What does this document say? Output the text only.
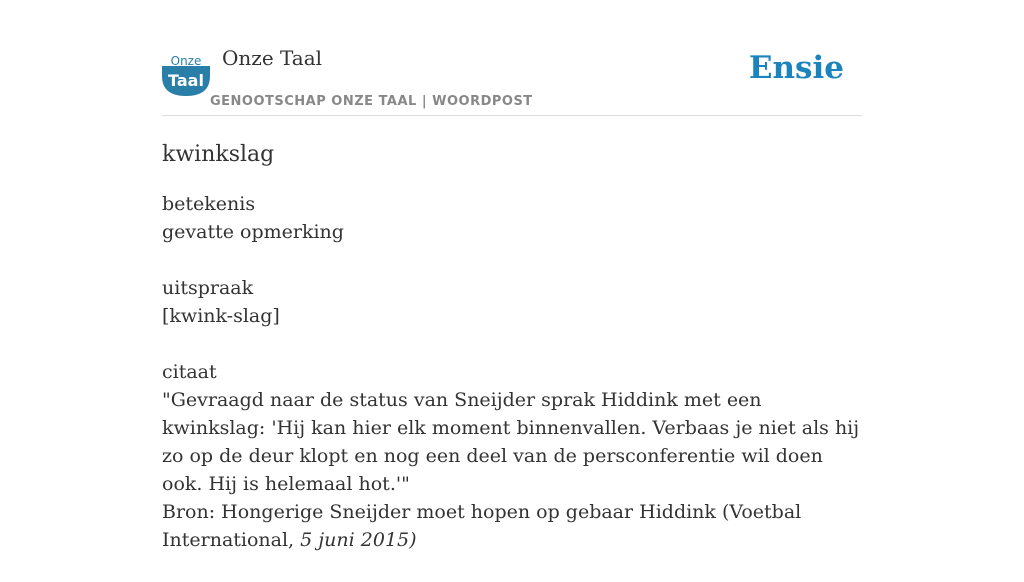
Onze
Taal
Onze Taal
GENOOTSCHAP ONZE TAAL | WOORDPOST
Ensie
kwinkslag

betekenis

gevatte opmerking

uitspraak

[kwink-slag]

citaat

"Gevraagd naar de status van Sneijder sprak Hiddink met een kwinkslag: 'Hij kan hier elk moment binnenvallen. Verbaas je niet als hij zo op de deur klopt en nog een deel van de persconferentie wil doen ook. Hij is helemaal hot.'"

Bron: Hongerige Sneijder moet hopen op gebaar Hiddink (Voetbal International, 5 juni 2015)
